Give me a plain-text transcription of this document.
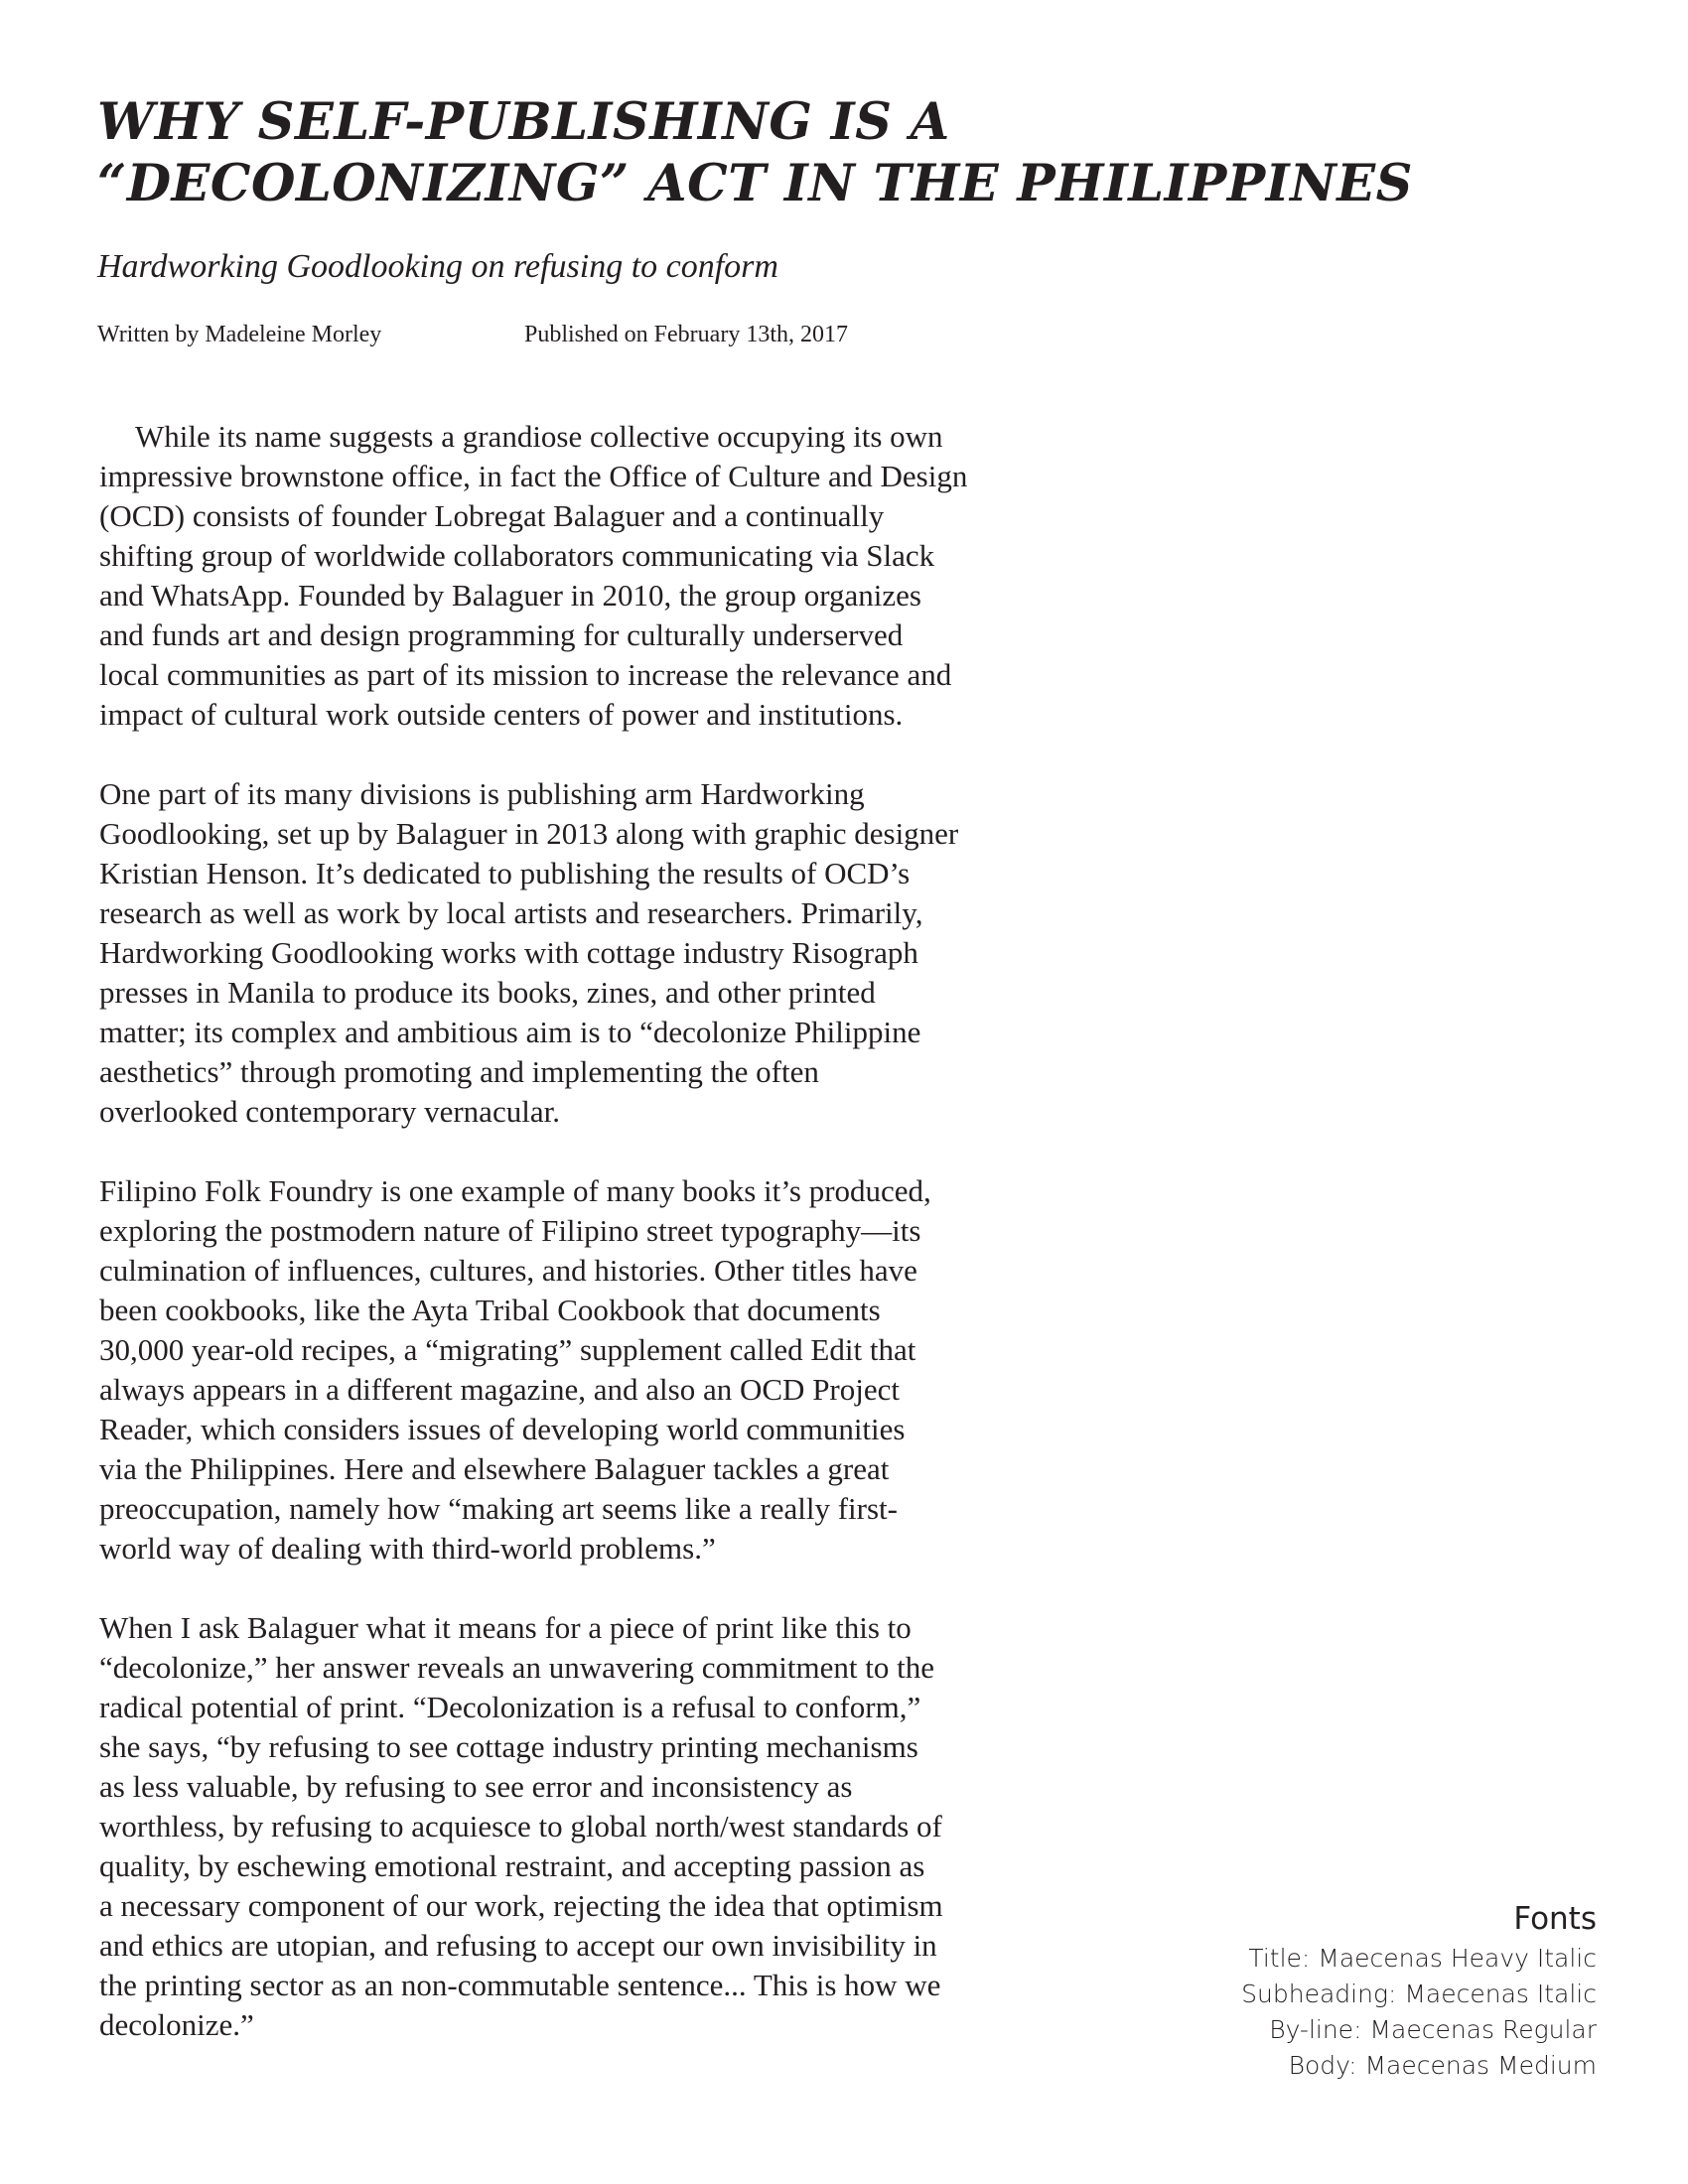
WHY SELF-PUBLISHING IS A
“DECOLONIZING” ACT IN THE PHILIPPINES

Hardworking Goodlooking on refusing to conform

Written by Madeleine Morley	Published on February 13th, 2017

While its name suggests a grandiose collective occupying its own
impressive brownstone office, in fact the Office of Culture and Design
(OCD) consists of founder Lobregat Balaguer and a continually
shifting group of worldwide collaborators communicating via Slack
and WhatsApp. Founded by Balaguer in 2010, the group organizes
and funds art and design programming for culturally underserved
local communities as part of its mission to increase the relevance and
impact of cultural work outside centers of power and institutions.

One part of its many divisions is publishing arm Hardworking
Goodlooking, set up by Balaguer in 2013 along with graphic designer
Kristian Henson. It’s dedicated to publishing the results of OCD’s
research as well as work by local artists and researchers. Primarily,
Hardworking Goodlooking works with cottage industry Risograph
presses in Manila to produce its books, zines, and other printed
matter; its complex and ambitious aim is to “decolonize Philippine
aesthetics” through promoting and implementing the often
overlooked contemporary vernacular.

Filipino Folk Foundry is one example of many books it’s produced,
exploring the postmodern nature of Filipino street typography—its
culmination of influences, cultures, and histories. Other titles have
been cookbooks, like the Ayta Tribal Cookbook that documents
30,000 year-old recipes, a “migrating” supplement called Edit that
always appears in a different magazine, and also an OCD Project
Reader, which considers issues of developing world communities
via the Philippines. Here and elsewhere Balaguer tackles a great
preoccupation, namely how “making art seems like a really first-
world way of dealing with third-world problems.”

When I ask Balaguer what it means for a piece of print like this to
“decolonize,” her answer reveals an unwavering commitment to the
radical potential of print. “Decolonization is a refusal to conform,”
she says, “by refusing to see cottage industry printing mechanisms
as less valuable, by refusing to see error and inconsistency as
worthless, by refusing to acquiesce to global north/west standards of
quality, by eschewing emotional restraint, and accepting passion as
a necessary component of our work, rejecting the idea that optimism
and ethics are utopian, and refusing to accept our own invisibility in
the printing sector as an non-commutable sentence... This is how we
decolonize.”

Fonts
Title: Maecenas Heavy Italic
Subheading: Maecenas Italic
By-line: Maecenas Regular
Body: Maecenas Medium
